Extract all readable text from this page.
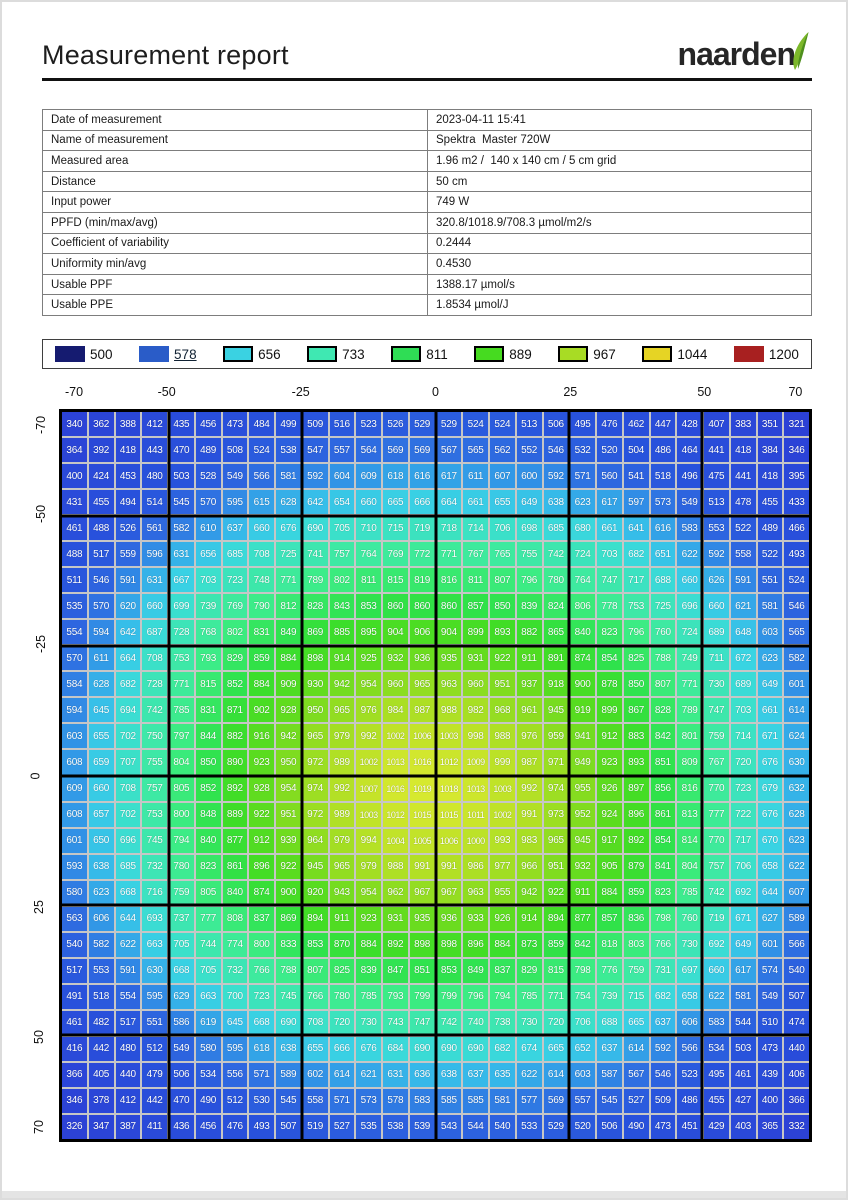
Measurement report	naarden
Date of measurement	2023-04-11 15:41
Name of measurement	Spektra  Master 720W
Measured area	1.96 m2 /  140 x 140 cm / 5 cm grid
Distance	50 cm
Input power	749 W
PPFD (min/max/avg)	320.8/1018.9/708.3 µmol/m2/s
Coefficient of variability	0.2444
Uniformity min/avg	0.4530
Usable PPF	1388.17 µmol/s
Usable PPE	1.8534 µmol/J
500	578	656	733	811	889	967	1044	1200
-70	-50	-25	0	25	50	70
-70
-50
-25
0
25
50
70
340	362	388	412	435	456	473	484	499	509	516	523	526	529	529	524	524	513	506	495	476	462	447	428	407	383	351	321
364	392	418	443	470	489	508	524	538	547	557	564	569	569	567	565	562	552	546	532	520	504	486	464	441	418	384	346
400	424	453	480	503	528	549	566	581	592	604	609	618	616	617	611	607	600	592	571	560	541	518	496	475	441	418	395
431	455	494	514	545	570	595	615	628	642	654	660	665	666	664	661	655	649	638	623	617	597	573	549	513	478	455	433
461	488	526	561	582	610	637	660	676	690	705	710	715	719	718	714	706	698	685	680	661	641	616	583	553	522	489	466
488	517	559	596	631	656	685	708	725	741	757	764	769	772	771	767	765	755	742	724	703	682	651	622	592	558	522	493
511	546	591	631	667	703	723	748	771	789	802	811	815	819	816	811	807	796	780	764	747	717	688	660	626	591	551	524
535	570	620	660	699	739	769	790	812	828	843	853	860	860	860	857	850	839	824	806	778	753	725	696	660	621	581	546
554	594	642	687	728	768	802	831	849	869	885	895	904	906	904	899	893	882	865	840	823	796	760	724	689	648	603	565
570	611	664	708	753	793	829	859	884	898	914	925	932	936	935	931	922	911	891	874	854	825	788	749	711	672	623	582
584	628	682	728	771	815	852	884	909	930	942	954	960	965	963	960	951	937	918	900	878	850	807	771	730	689	649	601
594	645	694	742	785	831	871	902	928	950	965	976	984	987	988	982	968	961	945	919	899	867	828	789	747	703	661	614
603	655	702	750	797	844	882	916	942	965	979	992	1002 1006 1003 998	988	976	959	941	912	883	842	801	759	714	671	624
608	659	707	755	804	850	890	923	950	972	989	1002 1013 1016 1012 1009 999	987	971	949	923	893	851	809	767	720	676	630
609	660	708	757	805	852	892	928	954	974	992	1007 1016 1019 1018 1013 1003 992	974	955	926	897	856	816	770	723	679	632
608	657	702	753	800	848	889	922	951	972	989	1003 1012 1015 1015	1011	1002 991	973	952	924	896	861	813	777	722	676	628
601	650	696	745	794	840	877	912	939	964	979	994	1004 1005 1006 1000 993	983	965	945	917	892	854	814	770	717	670	623
593	638	685	732	780	823	861	896	922	945	965	979	988	991	991	986	977	966	951	932	905	879	841	804	757	706	658	622
580	623	668	716	759	805	840	874	900	920	943	954	962	967	967	963	955	942	922	911	884	859	823	785	742	692	644	607
563	606	644	693	737	777	808	837	869	894	911	923	931	935	936	933	926	914	894	877	857	836	798	760	719	671	627	589
540	582	622	663	705	744	774	800	833	853	870	884	892	898	898	896	884	873	859	842	818	803	766	730	692	649	601	566
517	553	591	630	668	705	732	766	788	807	825	839	847	851	853	849	837	829	815	798	776	759	731	697	660	617	574	540
491	518	554	595	629	663	700	723	745	766	780	785	793	799	799	796	794	785	771	754	739	715	682	658	622	581	549	507
461	482	517	551	586	619	645	668	690	708	720	730	743	747	742	740	738	730	720	706	688	665	637	606	583	544	510	474
416	442	480	512	549	580	595	618	638	655	666	676	684	690	690	690	682	674	665	652	637	614	592	566	534	503	473	440
366	405	440	479	506	534	556	571	589	602	614	621	631	636	638	637	635	622	614	603	587	567	546	523	495	461	439	406
346	378	412	442	470	490	512	530	545	558	571	573	578	583	585	585	581	577	569	557	545	527	509	486	455	427	400	366
326	347	387	411	436	456	476	493	507	519	527	535	538	539	543	544	540	533	529	520	506	490	473	451	429	403	365	332
